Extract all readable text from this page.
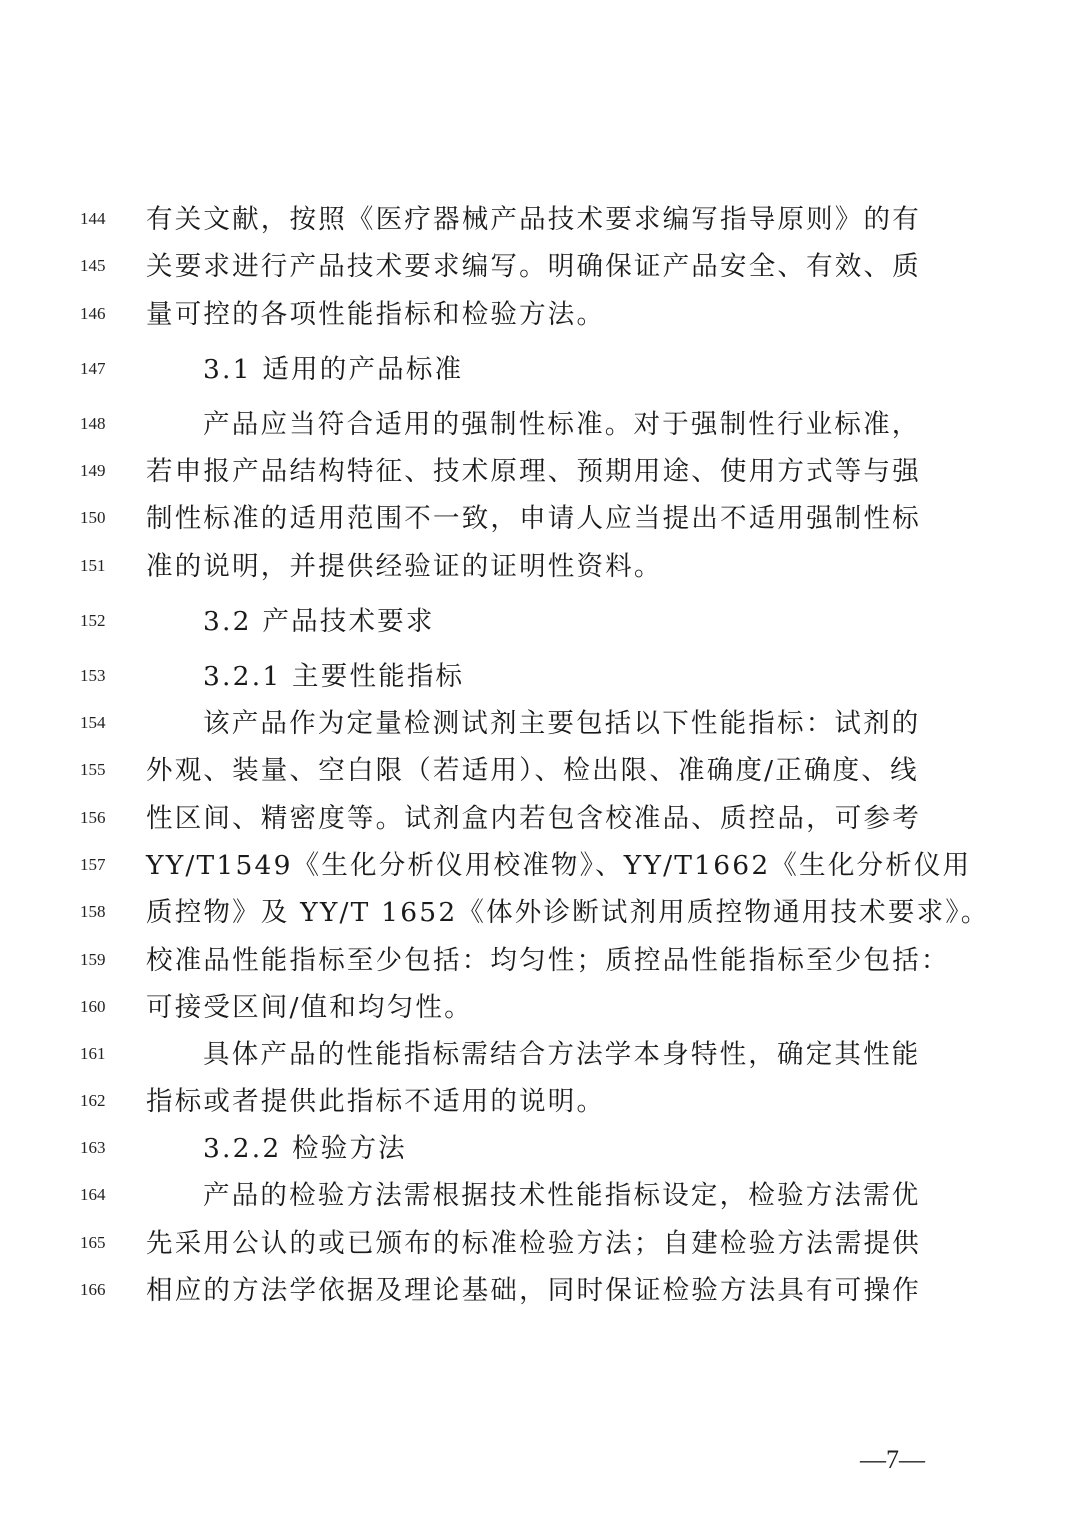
144	有关文献，按照《医疗器械产品技术要求编写指导原则》的有
145	关要求进行产品技术要求编写。明确保证产品安全、有效、质
146	量可控的各项性能指标和检验方法。
147	3.1 适用的产品标准
148	产品应当符合适用的强制性标准。对于强制性行业标准，
149	若申报产品结构特征、技术原理、预期用途、使用方式等与强
150	制性标准的适用范围不一致，申请人应当提出不适用强制性标
151	准的说明，并提供经验证的证明性资料。
152	3.2 产品技术要求
153	3.2.1 主要性能指标
154	该产品作为定量检测试剂主要包括以下性能指标：试剂的
155	外观、装量、空白限（若适用）、检出限、准确度/正确度、线
156	性区间、精密度等。试剂盒内若包含校准品、质控品，可参考
157	YY/T1549《生化分析仪用校准物》、YY/T1662《生化分析仪用
158	质控物》及 YY/T 1652《体外诊断试剂用质控物通用技术要求》。
159	校准品性能指标至少包括：均匀性；质控品性能指标至少包括：
160	可接受区间/值和均匀性。
161	具体产品的性能指标需结合方法学本身特性，确定其性能
162	指标或者提供此指标不适用的说明。
163	3.2.2 检验方法
164	产品的检验方法需根据技术性能指标设定，检验方法需优
165	先采用公认的或已颁布的标准检验方法；自建检验方法需提供
166	相应的方法学依据及理论基础，同时保证检验方法具有可操作
—7—
